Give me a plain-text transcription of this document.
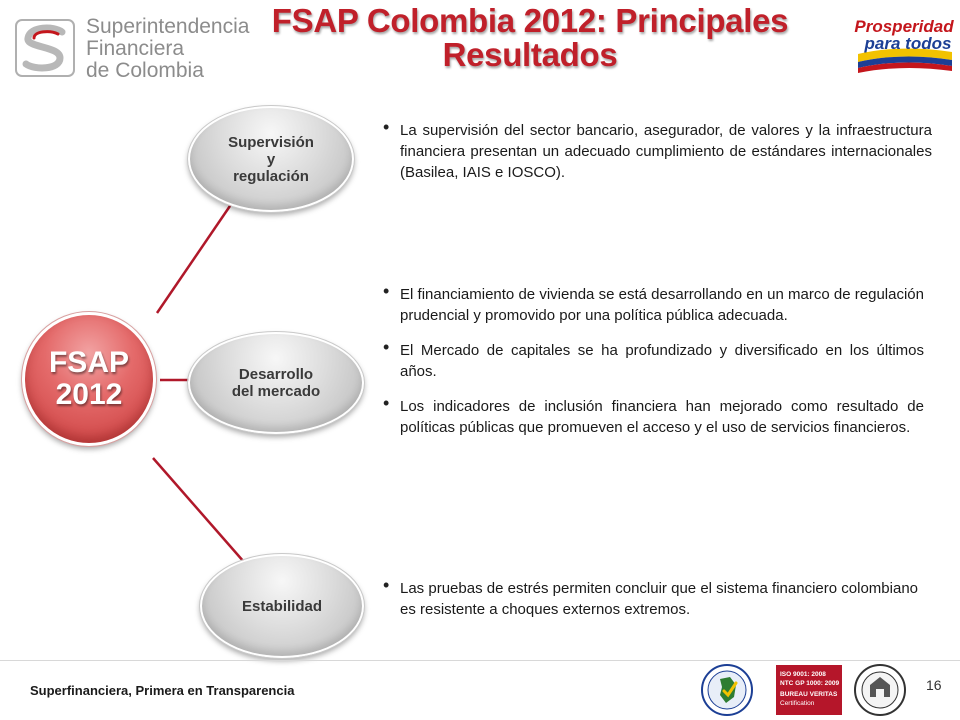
Superintendencia
Financiera
de Colombia
FSAP Colombia 2012: Principales
Resultados
Prosperidad
para todos
FSAP
2012
Supervisión
y
regulación
Desarrollo
del mercado
Estabilidad
• La supervisión del sector bancario, asegurador, de valores y la infraestructura financiera presentan un adecuado cumplimiento de estándares internacionales (Basilea, IAIS e IOSCO).
• El financiamiento de vivienda se está desarrollando en un marco de regulación prudencial y promovido por una política pública adecuada.
• El Mercado de capitales se ha profundizado y diversificado en los últimos años.
• Los indicadores de inclusión financiera han mejorado como resultado de políticas públicas que promueven el acceso y el uso de servicios financieros.
• Las pruebas de estrés permiten concluir que el sistema financiero colombiano es resistente a choques externos extremos.
Superfinanciera, Primera en Transparencia
ISO 9001: 2008
NTC GP 1000: 2009
BUREAU VERITAS
Certification
16
